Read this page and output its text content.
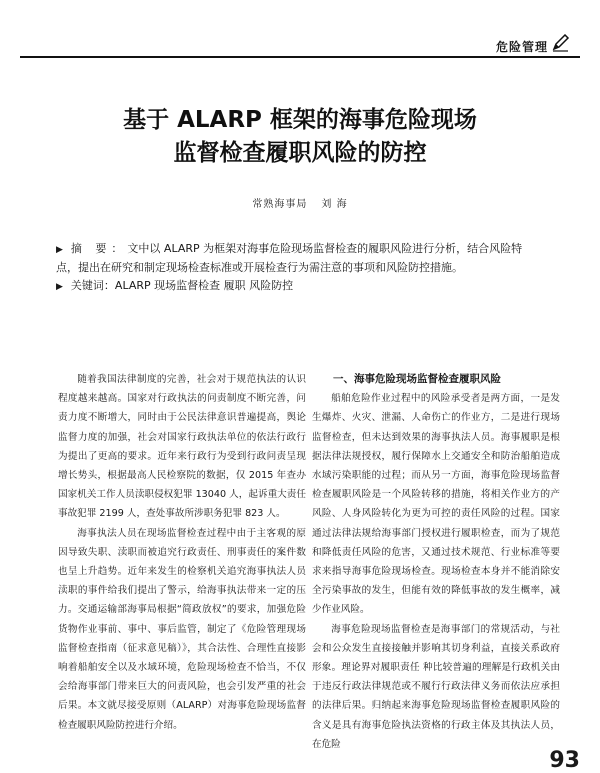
危险管理
基于 ALARP 框架的海事危险现场
监督检查履职风险的防控
常熟海事局 刘 海
▶ 摘 要：文中以 ALARP 为框架对海事危险现场监督检查的履职风险进行分析，结合风险特点，提出在研究和制定现场检查标准或开展检查行为需注意的事项和风险防控措施。
▶ 关键词：ALARP 现场监督检查 履职 风险防控

随着我国法律制度的完善，社会对于规范执法的认识程度越来越高。国家对行政执法的问责制度不断完善，问责力度不断增大，同时由于公民法律意识普遍提高，舆论监督力度的加强，社会对国家行政执法单位的依法行政行为提出了更高的要求。近年来行政行为受到行政问责呈现增长势头，根据最高人民检察院的数据，仅 2015 年查办国家机关工作人员渎职侵权犯罪 13040 人，起诉重大责任事故犯罪 2199 人，查处事故所涉职务犯罪 823 人。

海事执法人员在现场监督检查过程中由于主客观的原因导致失职、渎职而被追究行政责任、刑事责任的案件数也呈上升趋势。近年来发生的检察机关追究海事执法人员渎职的事件给我们提出了警示，给海事执法带来一定的压力。交通运输部海事局根据“简政放权”的要求，加强危险货物作业事前、事中、事后监管，制定了《危险管理现场监督检查指南（征求意见稿）》，其合法性、合理性直接影响着船舶安全以及水域环境，危险现场检查不恰当，不仅会给海事部门带来巨大的问责风险，也会引发严重的社会后果。本文就尽接受原则（ALARP）对海事危险现场监督检查履职风险防控进行介绍。

一、海事危险现场监督检查履职风险

船舶危险作业过程中的风险承受者是两方面，一是发生爆炸、火灾、泄漏、人命伤亡的作业方，二是进行现场监督检查，但未达到效果的海事执法人员。海事履职是根据法律法规授权，履行保障水上交通安全和防治船舶造成水域污染职能的过程；而从另一方面，海事危险现场监督检查履职风险是一个风险转移的措施，将相关作业方的产风险、人身风险转化为更为可控的责任风险的过程。国家通过法律法规给海事部门授权进行履职检查，而为了规范和降低责任风险的危害，又通过技术规范、行业标准等要求来指导海事危险现场检查。现场检查本身并不能消除安全污染事故的发生，但能有效的降低事故的发生概率，减少作业风险。

海事危险现场监督检查是海事部门的常规活动，与社会和公众发生直接接触并影响其切身利益，直接关系政府形象。理论界对履职责任 种比较普遍的理解是行政机关由于违反行政法律规范或不履行行政法律义务而依法应承担的法律后果。归纳起来海事危险现场监督检查履职风险的含义是具有海事危险执法资格的行政主体及其执法人员，在危险

93
